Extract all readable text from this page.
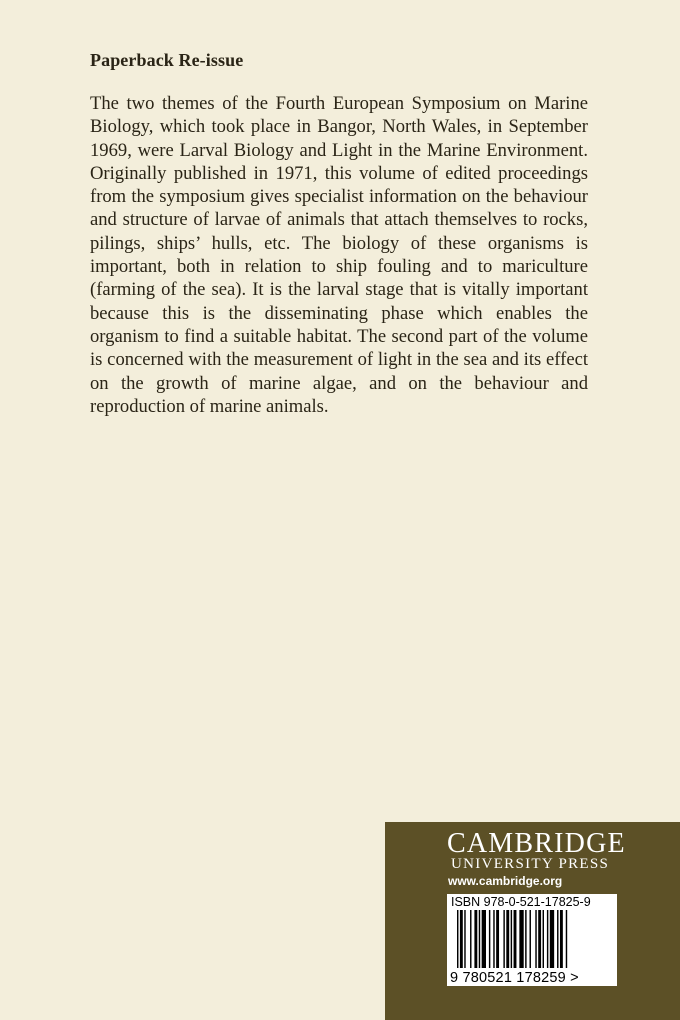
Paperback Re-issue

The two themes of the Fourth European Symposium on Marine Biology, which took place in Bangor, North Wales, in September 1969, were Larval Biology and Light in the Marine Environment. Originally published in 1971, this volume of edited proceedings from the symposium gives specialist information on the behaviour and structure of larvae of animals that attach themselves to rocks, pilings, ships’ hulls, etc. The biology of these organisms is important, both in relation to ship fouling and to mariculture (farming of the sea). It is the larval stage that is vitally important because this is the disseminating phase which enables the organism to find a suitable habitat. The second part of the volume is concerned with the measurement of light in the sea and its effect on the growth of marine algae, and on the behaviour and reproduction of marine animals.

CAMBRIDGE
UNIVERSITY PRESS
www.cambridge.org
ISBN 978-0-521-17825-9
9 780521 178259 >
